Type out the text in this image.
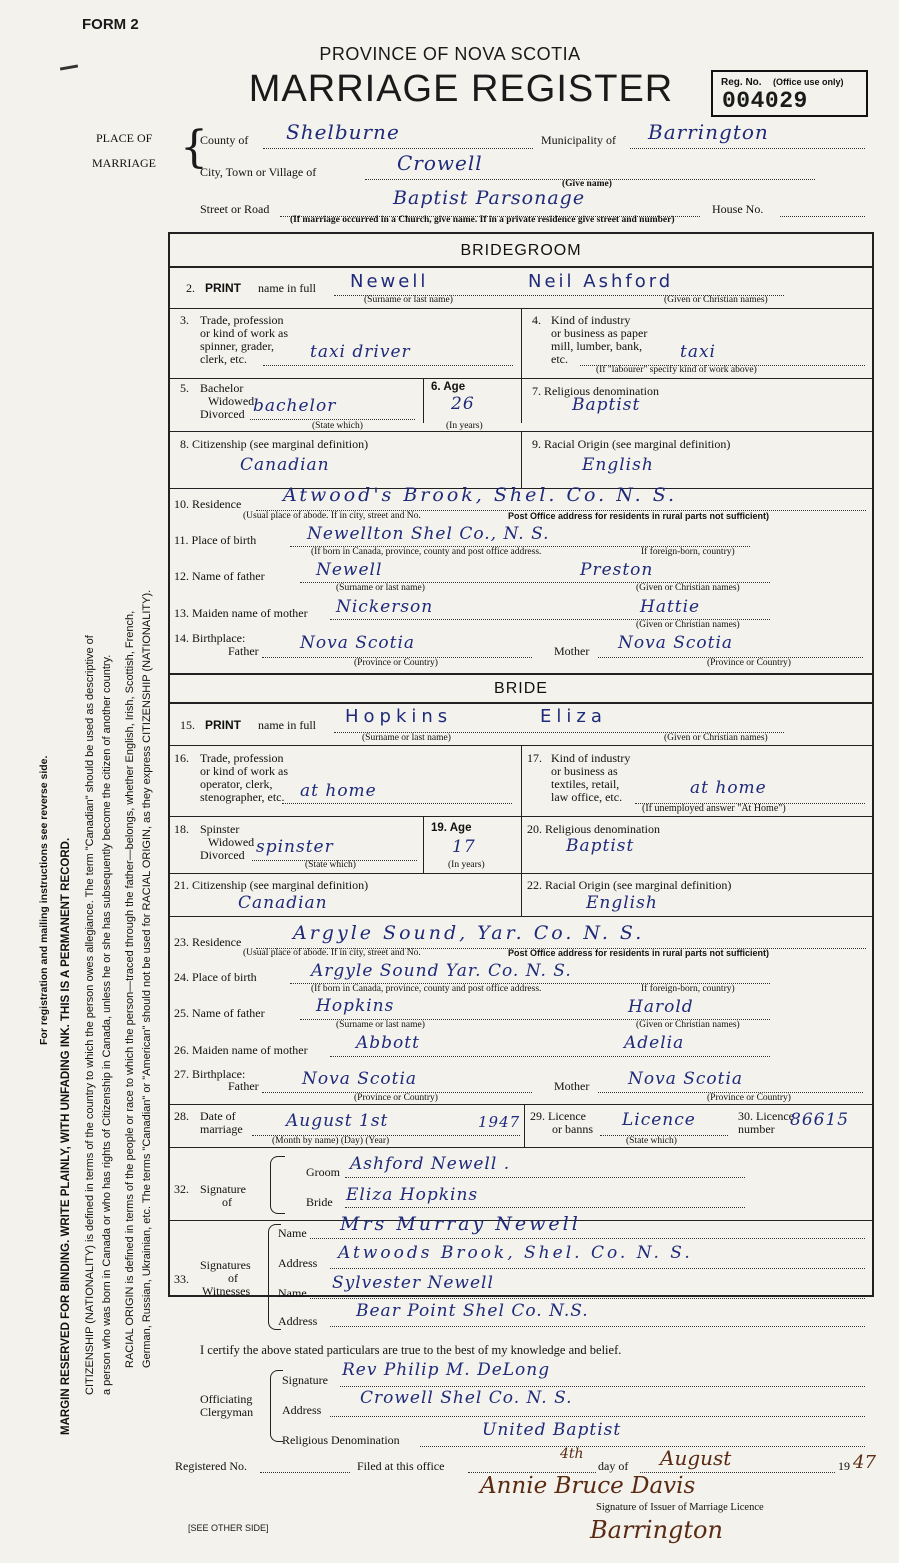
FORM 2
PROVINCE OF NOVA SCOTIA
MARRIAGE REGISTER	Reg. No. (Office use only)
004029
For registration and mailing instructions see reverse side. MARGIN RESERVED FOR BINDING. WRITE PLAINLY, WITH UNFADING INK. THIS IS A PERMANENT RECORD. CITIZENSHIP (NATIONALITY) is defined in terms of the country to which the person owes allegiance. The term "Canadian" should be used as descriptive of a person who was born in Canada or who has rights of Citizenship in Canada, unless he or she has subsequently become the citizen of another country. RACIAL ORIGIN is defined in terms of the people or race to which the person—traced through the father—belongs, whether English, Irish, Scottish, French, German, Russian, Ukrainian, etc. The terms "Canadian" or "American" should not be used for RACIAL ORIGIN, as they express CITIZENSHIP (NATIONALITY).
PLACE OF
MARRIAGE {
County of Shelburne	Municipality of Barrington
City, Town or Village of	Crowell
(Give name)
Street or Road	Baptist Parsonage	House No.
(If marriage occurred in a Church, give name. If in a private residence give street and number)
BRIDEGROOM
2. PRINT name in full Newell	Neil Ashford
(Surname or last name)	(Given or Christian names)
3. Trade, profession
or kind of work as
spinner, grader,
clerk, etc.	taxi driver
4. Kind of industry
or business as paper
mill, lumber, bank,
etc.	taxi
(If "labourer" specify kind of work above)
5. Bachelor
Widowed
Divorced bachelor
(State which)
6. Age
26
(In years)
7. Religious denomination
Baptist
8. Citizenship (see marginal definition)
Canadian
9. Racial Origin (see marginal definition)
English
10. Residence Atwood's Brook, Shel. Co. N. S.
(Usual place of abode. If in city, street and No.	Post Office address for residents in rural parts not sufficient)
11. Place of birth	Newellton Shel Co., N. S.
(If born in Canada, province, county and post office address.	If foreign-born, country)
12. Name of father	Newell	Preston
(Surname or last name)	(Given or Christian names)
13. Maiden name of mother Nickerson	Hattie
(Given or Christian names)
14. Birthplace:
Father Nova Scotia
(Province or Country)
Mother Nova Scotia
(Province or Country)
BRIDE
15. PRINT name in full Hopkins	Eliza
(Surname or last name)	(Given or Christian names)
16. Trade, profession
or kind of work as
operator, clerk,
stenographer, etc. at home
17. Kind of industry
or business as
textiles, retail,
law office, etc.	at home
(If unemployed answer "At Home")
18. Spinster
Widowed
Divorced spinster
(State which)
19. Age
17
(In years)
20. Religious denomination
Baptist
21. Citizenship (see marginal definition)
Canadian
22. Racial Origin (see marginal definition)
English
23. Residence	Argyle Sound, Yar. Co. N. S.
(Usual place of abode. If in city, street and No.	Post Office address for residents in rural parts not sufficient)
24. Place of birth	Argyle Sound Yar. Co. N. S.
(If born in Canada, province, county and post office address.	If foreign-born, country)
25. Name of father	Hopkins	Harold
(Surname or last name)	(Given or Christian names)
26. Maiden name of mother	Abbott	Adelia
27. Birthplace:
Father	Nova Scotia
(Province or Country)
Mother Nova Scotia
(Province or Country)
28. Date of
marriage	August 1st	1947
(Month by name) (Day) (Year)
29. Licence
or banns Licence
(State which)
30. Licence
number 86615
32. Signature
of
Groom Ashford Newell .
Bride Eliza Hopkins
33.
Signatures
of
Witnesses
Name Mrs Murray Newell
Address Atwoods Brook, Shel. Co. N. S.
Name Sylvester Newell
Address Bear Point Shel Co. N.S.
I certify the above stated particulars are true to the best of my knowledge and belief.
Officiating
Clergyman
Signature Rev Philip M. DeLong
Address
Crowell Shel Co. N. S.
Religious Denomination	United Baptist
Registered No.	Filed at this office
4th
day of August	19 47
Annie Bruce Davis
Signature of Issuer of Marriage Licence
[SEE OTHER SIDE]	Barrington
